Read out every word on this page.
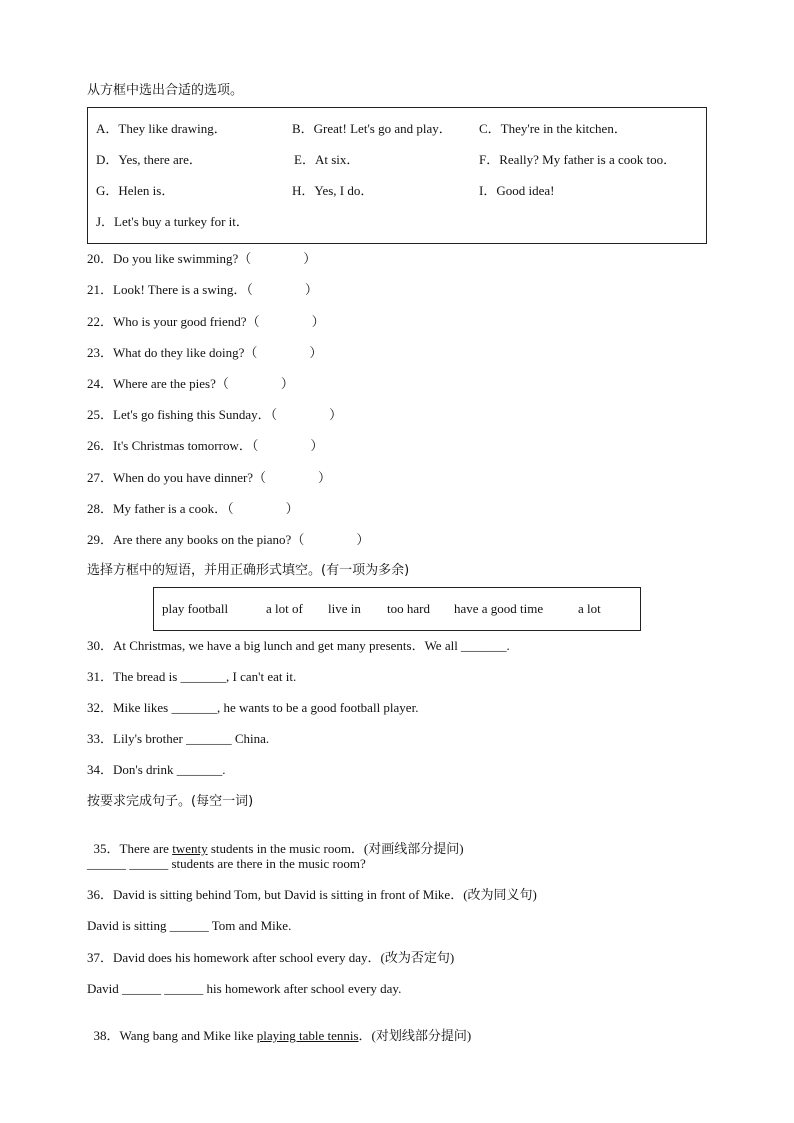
从方框中选出合适的选项。
A．They like drawing．	B．Great! Let's go and play． C．They're in the kitchen．
D．Yes, there are．	E．At six．	F．Really? My father is a cook too．
G．Helen is．	H．Yes, I do．	I．Good idea!
J．Let's buy a turkey for it．
20．Do you like swimming?（　　　　）
21．Look! There is a swing．（　　　　）
22．Who is your good friend?（　　　　）
23．What do they like doing?（　　　　）
24．Where are the pies?（　　　　）
25．Let's go fishing this Sunday．（　　　　）
26．It's Christmas tomorrow．（　　　　）
27．When do you have dinner?（　　　　）
28．My father is a cook．（　　　　）
29．Are there any books on the piano?（　　　　）
选择方框中的短语，并用正确形式填空。(有一项为多余)
play football	a lot of live in too hard have a good time	a lot
30．At Christmas, we have a big lunch and get many presents．We all _______.
31．The bread is _______, I can't eat it.
32．Mike likes _______, he wants to be a good football player.
33．Lily's brother _______ China.
34．Don's drink _______.
按要求完成句子。(每空一词)

35．There are twenty students in the music room．(对画线部分提问)

______ ______ students are there in the music room?
36．David is sitting behind Tom, but David is sitting in front of Mike．(改为同义句)
David is sitting ______ Tom and Mike.
37．David does his homework after school every day．(改为否定句)
David ______ ______ his homework after school every day.

38．Wang bang and Mike like playing table tennis．(对划线部分提问)
